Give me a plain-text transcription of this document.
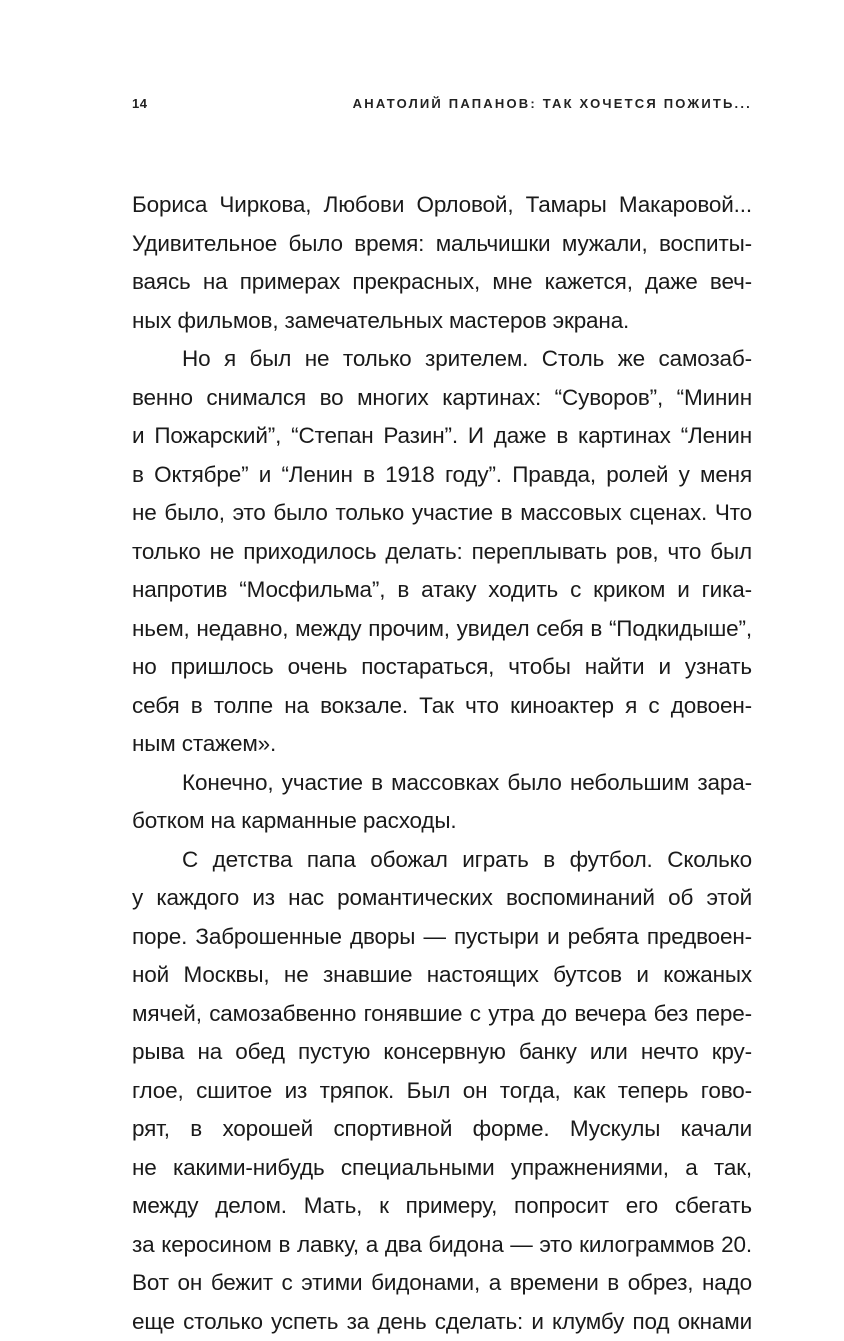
14	АНАТОЛИЙ ПАПАНОВ: ТАК ХОЧЕТСЯ ПОЖИТЬ...
Бориса Чиркова, Любови Орловой, Тамары Макаровой...
Удивительное было время: мальчишки мужали, воспиты-
ваясь на примерах прекрасных, мне кажется, даже веч-
ных фильмов, замечательных мастеров экрана.
Но я был не только зрителем. Столь же самозаб-
венно снимался во многих картинах: “Суворов”, “Минин
и Пожарский”, “Степан Разин”. И даже в картинах “Ленин
в Октябре” и “Ленин в 1918 году”. Правда, ролей у меня
не было, это было только участие в массовых сценах. Что
только не приходилось делать: переплывать ров, что был
напротив “Мосфильма”, в атаку ходить с криком и гика-
ньем, недавно, между прочим, увидел себя в “Подкидыше”,
но пришлось очень постараться, чтобы найти и узнать
себя в толпе на вокзале. Так что киноактер я с довоен-
ным стажем».
Конечно, участие в массовках было небольшим зара-
ботком на карманные расходы.
С детства папа обожал играть в футбол. Сколько
у каждого из нас романтических воспоминаний об этой
поре. Заброшенные дворы — пустыри и ребята предвоен-
ной Москвы, не знавшие настоящих бутсов и кожаных
мячей, самозабвенно гонявшие с утра до вечера без пере-
рыва на обед пустую консервную банку или нечто кру-
глое, сшитое из тряпок. Был он тогда, как теперь гово-
рят, в хорошей спортивной форме. Мускулы качали
не какими-нибудь специальными упражнениями, а так,
между делом. Мать, к примеру, попросит его сбегать
за керосином в лавку, а два бидона — это килограммов 20.
Вот он бежит с этими бидонами, а времени в обрез, надо
еще столько успеть за день сделать: и клумбу под окнами
